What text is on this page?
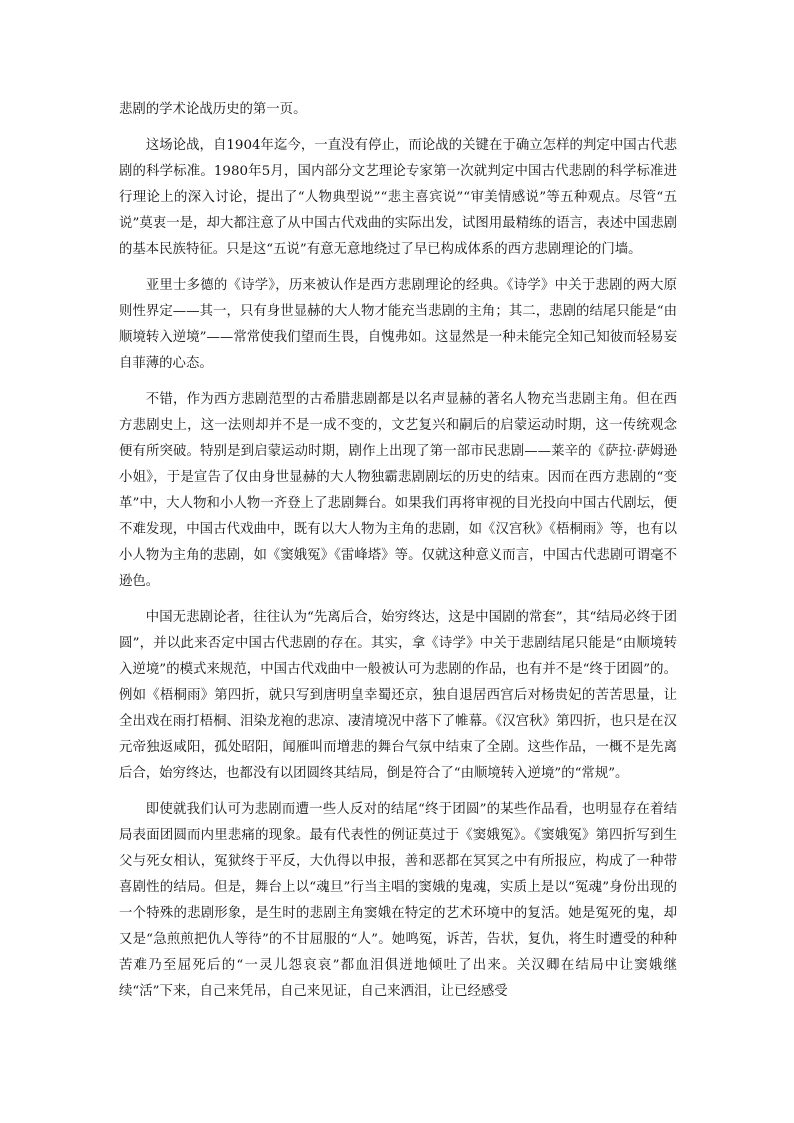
悲剧的学术论战历史的第一页。

这场论战，自1904年迄今，一直没有停止，而论战的关键在于确立怎样的判定中国古代悲剧的科学标准。1980年5月，国内部分文艺理论专家第一次就判定中国古代悲剧的科学标准进行理论上的深入讨论，提出了“人物典型说”“悲主喜宾说”“审美情感说”等五种观点。尽管“五说”莫衷一是，却大都注意了从中国古代戏曲的实际出发，试图用最精练的语言，表述中国悲剧的基本民族特征。只是这“五说”有意无意地绕过了早已构成体系的西方悲剧理论的门墙。

亚里士多德的《诗学》，历来被认作是西方悲剧理论的经典。《诗学》中关于悲剧的两大原则性界定——其一，只有身世显赫的大人物才能充当悲剧的主角；其二，悲剧的结尾只能是“由顺境转入逆境”——常常使我们望而生畏，自愧弗如。这显然是一种未能完全知己知彼而轻易妄自菲薄的心态。

不错，作为西方悲剧范型的古希腊悲剧都是以名声显赫的著名人物充当悲剧主角。但在西方悲剧史上，这一法则却并不是一成不变的，文艺复兴和嗣后的启蒙运动时期，这一传统观念便有所突破。特别是到启蒙运动时期，剧作上出现了第一部市民悲剧——莱辛的《萨拉·萨姆逊小姐》，于是宣告了仅由身世显赫的大人物独霸悲剧剧坛的历史的结束。因而在西方悲剧的“变革”中，大人物和小人物一齐登上了悲剧舞台。如果我们再将审视的目光投向中国古代剧坛，便不难发现，中国古代戏曲中，既有以大人物为主角的悲剧，如《汉宫秋》《梧桐雨》等，也有以小人物为主角的悲剧，如《窦娥冤》《雷峰塔》等。仅就这种意义而言，中国古代悲剧可谓毫不逊色。

中国无悲剧论者，往往认为“先离后合，始穷终达，这是中国剧的常套”，其“结局必终于团圆”，并以此来否定中国古代悲剧的存在。其实，拿《诗学》中关于悲剧结尾只能是“由顺境转入逆境”的模式来规范，中国古代戏曲中一般被认可为悲剧的作品，也有并不是“终于团圆”的。例如《梧桐雨》第四折，就只写到唐明皇幸蜀还京，独自退居西宫后对杨贵妃的苦苦思量，让全出戏在雨打梧桐、泪染龙袍的悲凉、凄清境况中落下了帷幕。《汉宫秋》第四折，也只是在汉元帝独返咸阳，孤处昭阳，闻雁叫而增悲的舞台气氛中结束了全剧。这些作品，一概不是先离后合，始穷终达，也都没有以团圆终其结局，倒是符合了“由顺境转入逆境”的“常规”。

即使就我们认可为悲剧而遭一些人反对的结尾“终于团圆”的某些作品看，也明显存在着结局表面团圆而内里悲痛的现象。最有代表性的例证莫过于《窦娥冤》。《窦娥冤》第四折写到生父与死女相认，冤狱终于平反，大仇得以申报，善和恶都在冥冥之中有所报应，构成了一种带喜剧性的结局。但是，舞台上以“魂旦”行当主唱的窦娥的鬼魂，实质上是以“冤魂”身份出现的一个特殊的悲剧形象，是生时的悲剧主角窦娥在特定的艺术环境中的复活。她是冤死的鬼，却又是“急煎煎把仇人等待”的不甘屈服的“人”。她鸣冤，诉苦，告状，复仇，将生时遭受的种种苦难乃至屈死后的“一灵儿怨哀哀”都血泪俱迸地倾吐了出来。关汉卿在结局中让窦娥继续“活”下来，自己来凭吊，自己来见证，自己来洒泪，让已经感受
